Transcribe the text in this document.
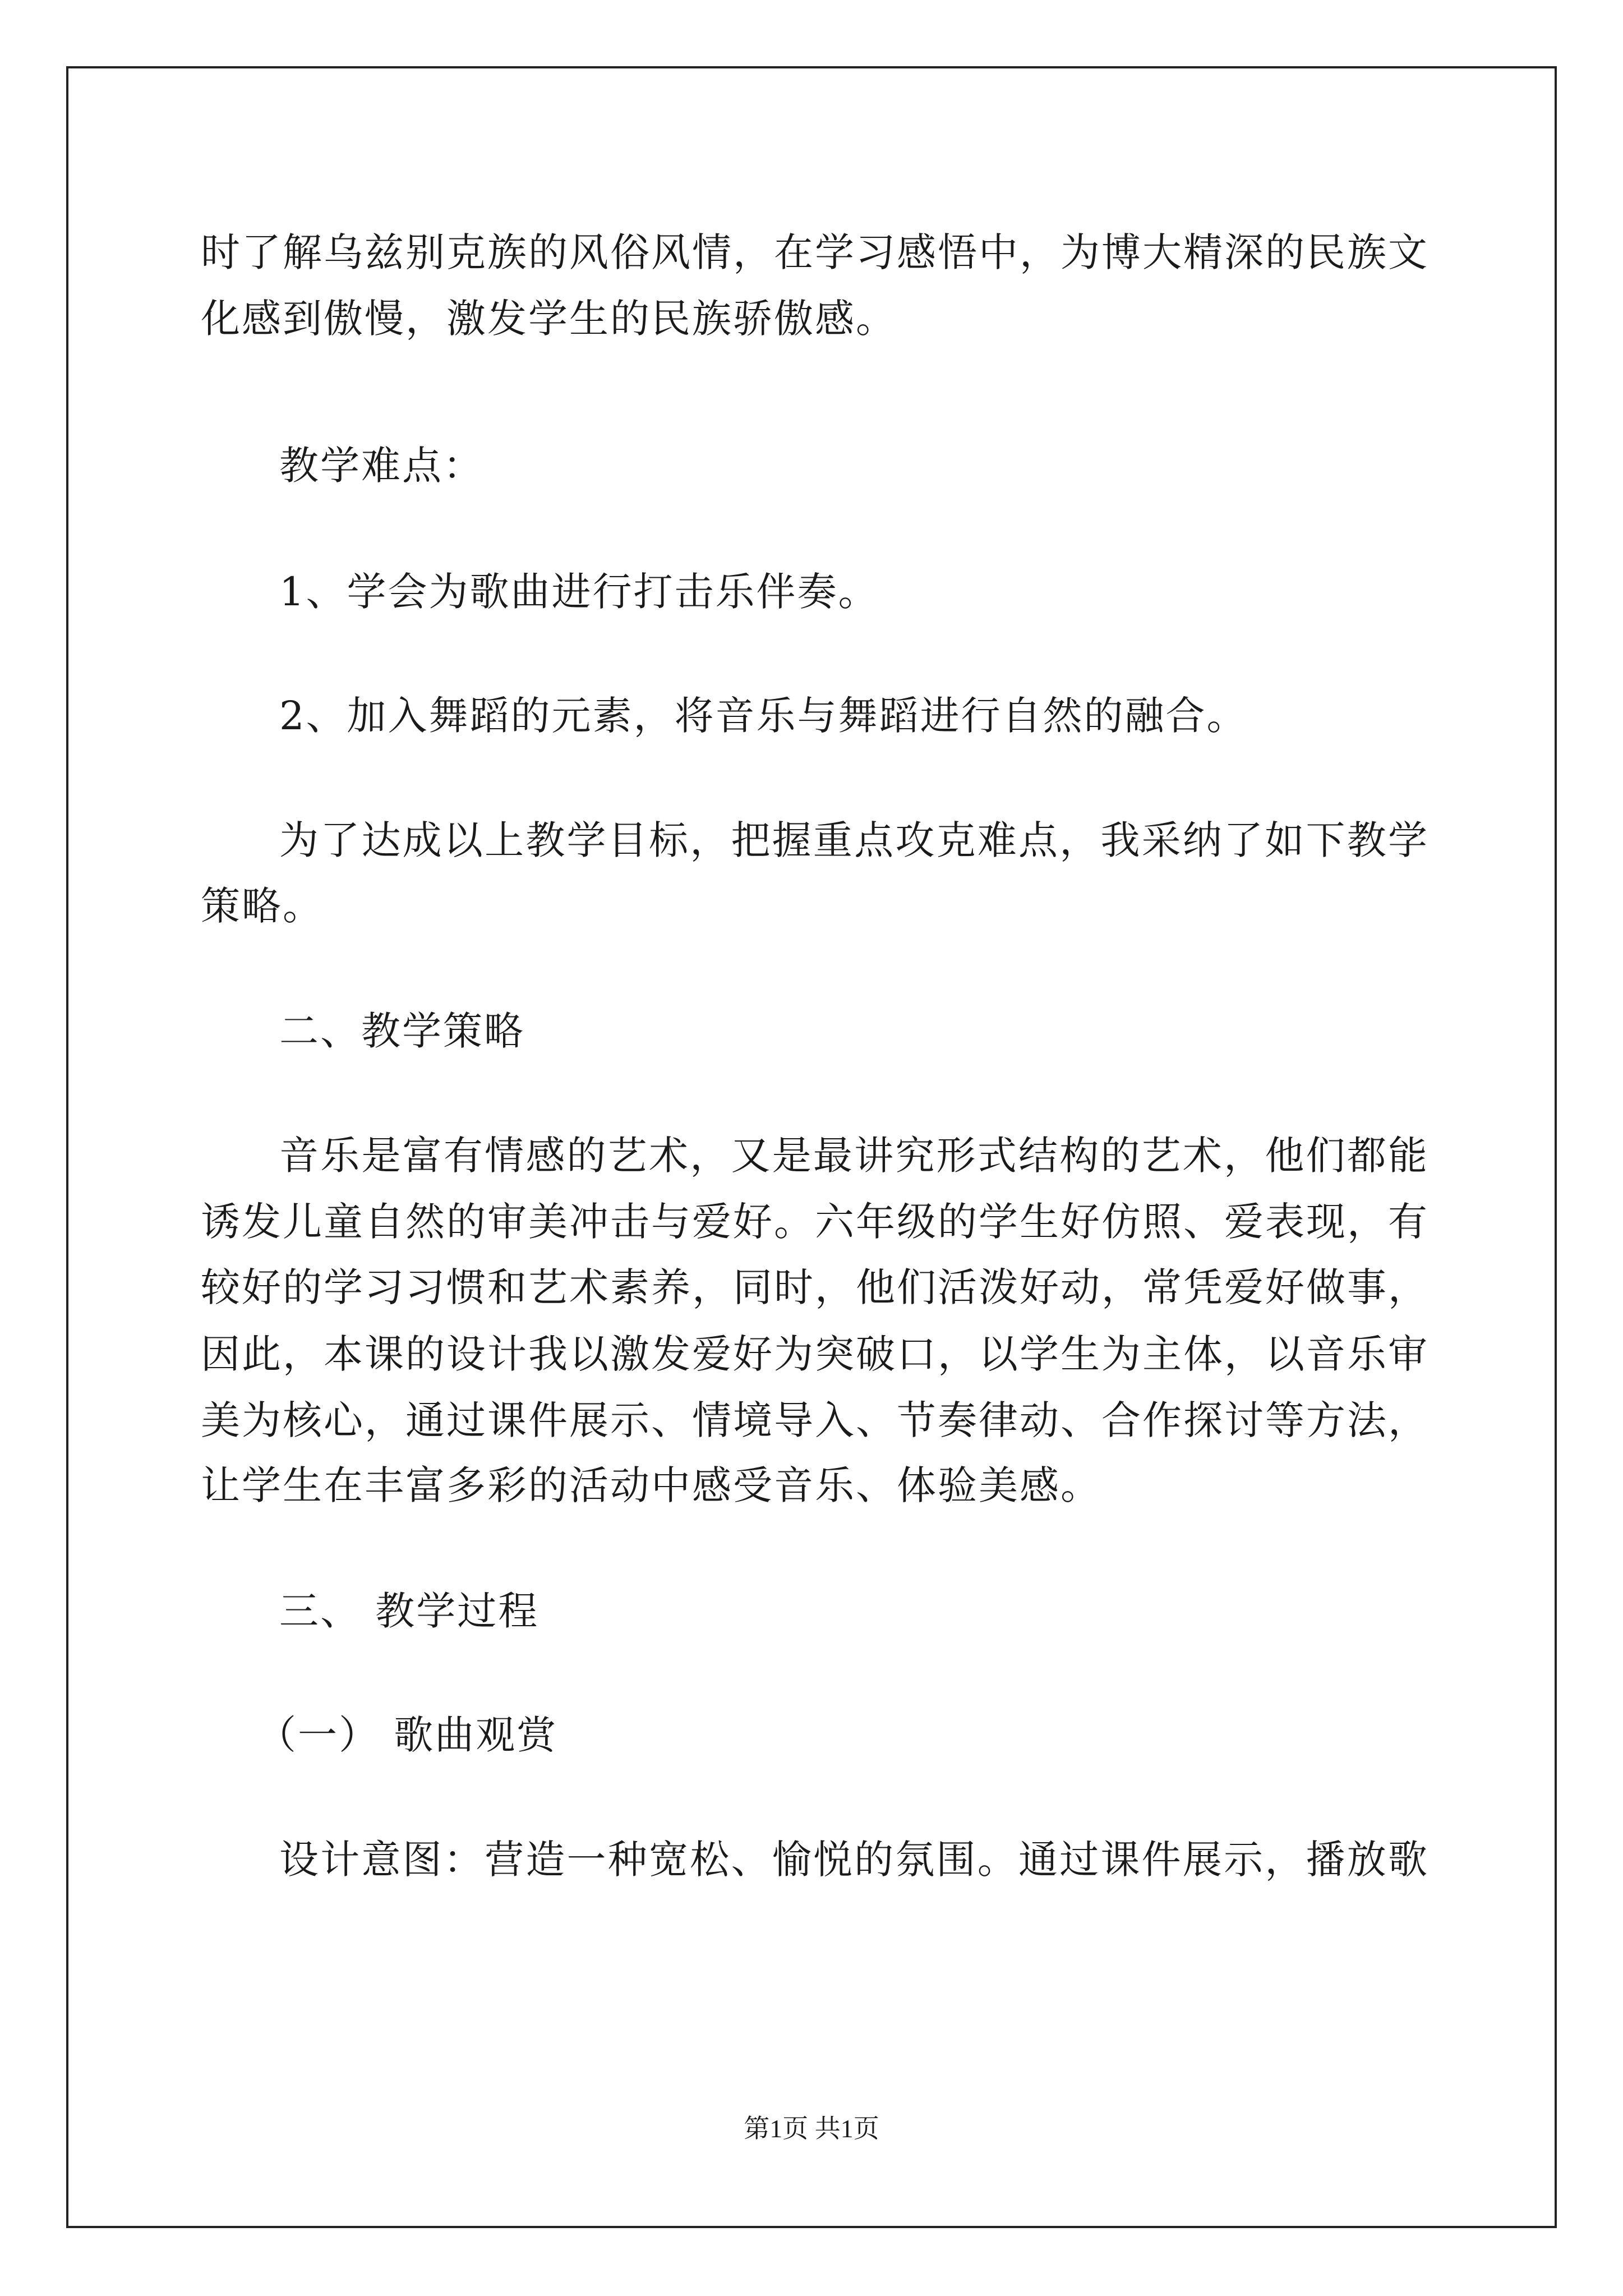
时了解乌兹别克族的风俗风情，在学习感悟中，为博大精深的民族文
化感到傲慢，激发学生的民族骄傲感。
教学难点：
1、学会为歌曲进行打击乐伴奏。
2、加入舞蹈的元素，将音乐与舞蹈进行自然的融合。
为了达成以上教学目标，把握重点攻克难点，我采纳了如下教学
策略。
二、教学策略
音乐是富有情感的艺术，又是最讲究形式结构的艺术，他们都能
诱发儿童自然的审美冲击与爱好。六年级的学生好仿照、爱表现，有
较好的学习习惯和艺术素养，同时，他们活泼好动，常凭爱好做事，
因此，本课的设计我以激发爱好为突破口，以学生为主体，以音乐审
美为核心，通过课件展示、情境导入、节奏律动、合作探讨等方法，
让学生在丰富多彩的活动中感受音乐、体验美感。
三、 教学过程
（一） 歌曲观赏
设计意图：营造一种宽松、愉悦的氛围。通过课件展示，播放歌
第1页 共1页
